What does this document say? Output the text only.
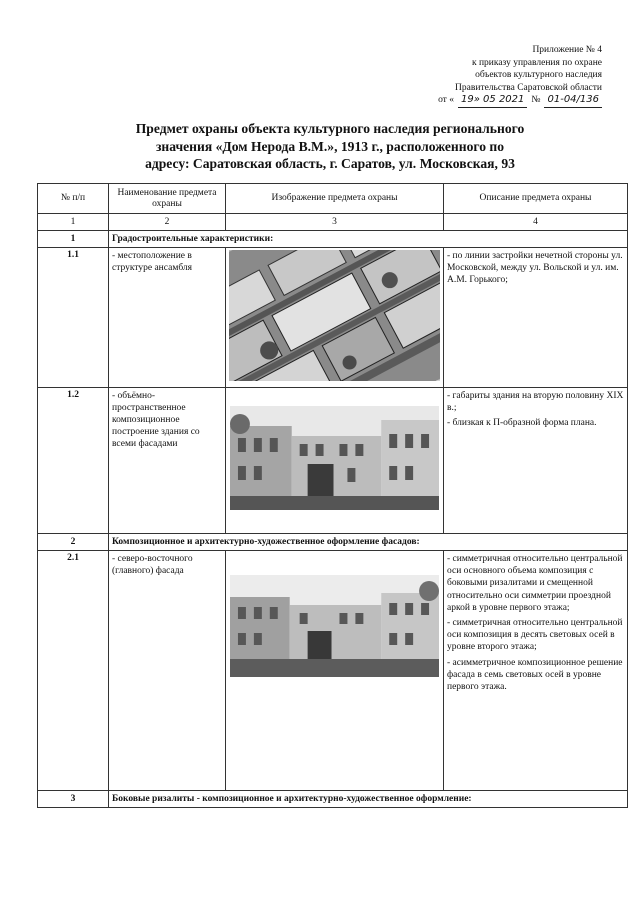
Приложение № 4
к приказу управления по охране
объектов культурного наследия
Правительства Саратовской области
от « 19» 05 2021 № 01-04/136
Предмет охраны объекта культурного наследия регионального
значения «Дом Нерода В.М.», 1913 г., расположенного по
адресу: Саратовская область, г. Саратов, ул. Московская, 93
№ п/п	Наименование предмета охраны	Изображение предмета охраны	Описание предмета охраны
1	2	3	4
1	Градостроительные характеристики:		
1.1	- местоположение в структуре ансамбля		- по линии застройки нечетной стороны ул. Московской, между ул. Вольской и ул. им. А.М. Горького;

1.2	- объёмно-пространственное композиционное построение здания со всеми фасадами		- габариты здания на вторую половину XIX в.;

- близкая к П-образной форма плана.

2	Композиционное и архитектурно-художественное оформление фасадов:		
2.1	- северо-восточного (главного) фасада		- симметричная относительно центральной оси основного объема композиция с боковыми ризалитами и смещенной относительно оси симметрии проездной аркой в уровне первого этажа;

- симметричная относительно центральной оси композиция в десять световых осей в уровне второго этажа;

- асимметричное композиционное решение фасада в семь световых осей в уровне первого этажа.

3	Боковые ризалиты - композиционное и архитектурно-художественное оформление:		
